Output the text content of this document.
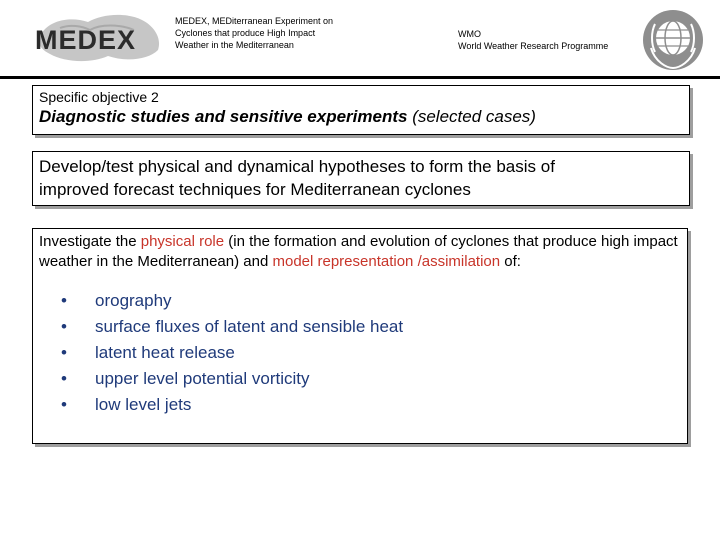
MEDEX
MEDEX, MEDiterranean Experiment on
Cyclones that produce High Impact
Weather in the Mediterranean
WMO
World Weather Research Programme
Specific objective 2
Diagnostic studies and sensitive experiments (selected cases)
Develop/test physical and dynamical hypotheses to form the basis of
improved forecast techniques for Mediterranean cyclones
Investigate the physical role (in the formation and evolution of cyclones that produce high impact weather in the Mediterranean) and model representation /assimilation of:
• orography
• surface fluxes of latent and sensible heat
• latent heat release
• upper level potential vorticity
• low level jets
